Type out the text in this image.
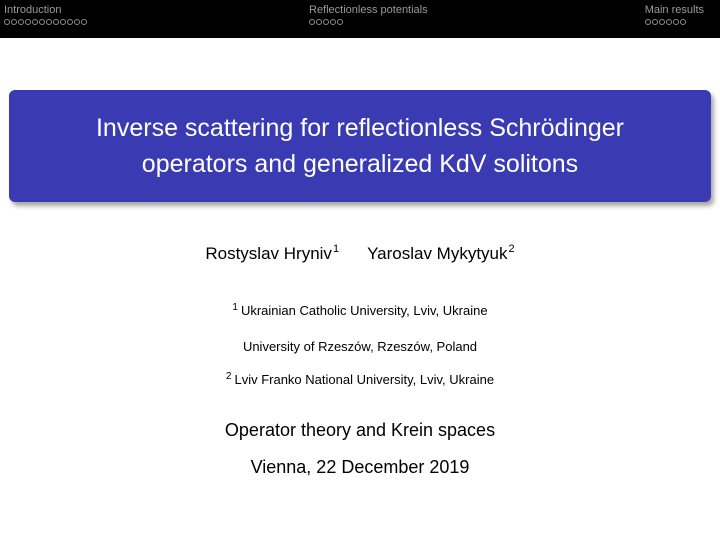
Introduction	Reflectionless potentials	Main results
Inverse scattering for reflectionless Schrödinger
operators and generalized KdV solitons
Rostyslav Hryniv$^1$ Yaroslav Mykytyuk$^2$
$^1$ Ukrainian Catholic University, Lviv, Ukraine
University of Rzeszów, Rzeszów, Poland
$^2$ Lviv Franko National University, Lviv, Ukraine
Operator theory and Krein spaces
Vienna, 22 December 2019
